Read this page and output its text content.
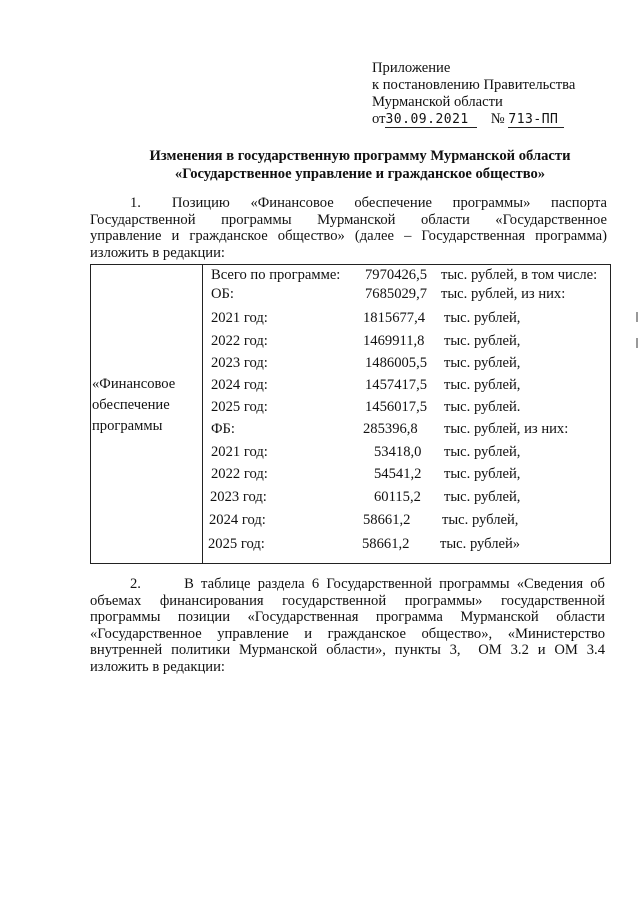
Приложение
к постановлению Правительства
Мурманской области
от30.09.2021 № 713-ПП
Изменения в государственную программу Мурманской области
«Государственное управление и гражданское общество»
1.      Позицию    «Финансовое    обеспечение    программы»    паспорта
Государственной   программы   Мурманской   области   «Государственное
управление и гражданское общество» (далее – Государственная программа)
изложить в редакции:
«Финансовое
обеспечение
программы
Всего по программе: 7970426,5 тыс. рублей, в том числе:
ОБ:	7685029,7 тыс. рублей, из них:
2021 год:	1815677,4 тыс. рублей,
2022 год:	1469911,8 тыс. рублей,
2023 год:	1486005,5 тыс. рублей,
2024 год:	1457417,5 тыс. рублей,
2025 год:	1456017,5 тыс. рублей.
ФБ:	285396,8 тыс. рублей, из них:
2021 год:	53418,0 тыс. рублей,
2022 год:	54541,2 тыс. рублей,
2023 год:	60115,2 тыс. рублей,
2024 год:	58661,2 тыс. рублей,
2025 год:	58661,2 тыс. рублей»
2.      В таблице раздела 6 Государственной программы «Сведения об
объемах   финансирования   государственной   программы»   государственной
программы   позиции   «Государственная   программа   Мурманской   области
«Государственное управление и гражданское общество», «Министерство
внутренней политики Мурманской области», пункты 3,  ОМ 3.2 и ОМ 3.4
изложить в редакции:
